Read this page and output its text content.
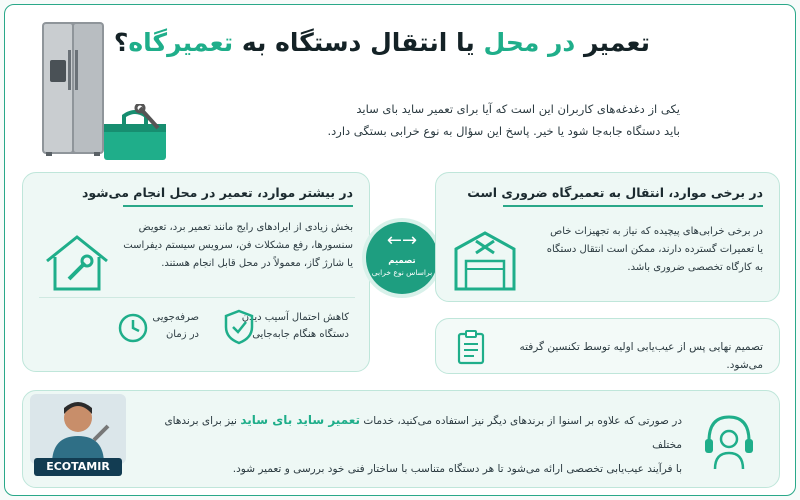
تعمیر در محل یا انتقال دستگاه به تعمیرگاه؟
یکی از دغدغه‌های کاربران این است که آیا برای تعمیر ساید بای ساید
باید دستگاه جابه‌جا شود یا خیر. پاسخ این سؤال به نوع خرابی بستگی دارد.
در بیشتر موارد، تعمیر در محل انجام می‌شود
بخش زیادی از ایرادهای رایج مانند تعمیر برد، تعویض
سنسورها، رفع مشکلات فن، سرویس سیستم دیفراست
یا شارژ گاز، معمولاً در محل قابل انجام هستند.
کاهش احتمال آسیب دیدن
دستگاه هنگام جابه‌جایی
صرفه‌جویی
در زمان
←→
تصمیم
براساس نوع خرابی
در برخی موارد، انتقال به تعمیرگاه ضروری است
در برخی خرابی‌های پیچیده که نیاز به تجهیزات خاص
یا تعمیرات گسترده دارند، ممکن است انتقال دستگاه
به کارگاه تخصصی ضروری باشد.
تصمیم نهایی پس از عیب‌یابی اولیه توسط تکنسین گرفته می‌شود.
در صورتی که علاوه بر اسنوا از برندهای دیگر نیز استفاده می‌کنید، خدمات تعمیر ساید بای ساید نیز برای برندهای مختلف
با فرآیند عیب‌یابی تخصصی ارائه می‌شود تا هر دستگاه متناسب با ساختار فنی خود بررسی و تعمیر شود.
ECOTAMIR
